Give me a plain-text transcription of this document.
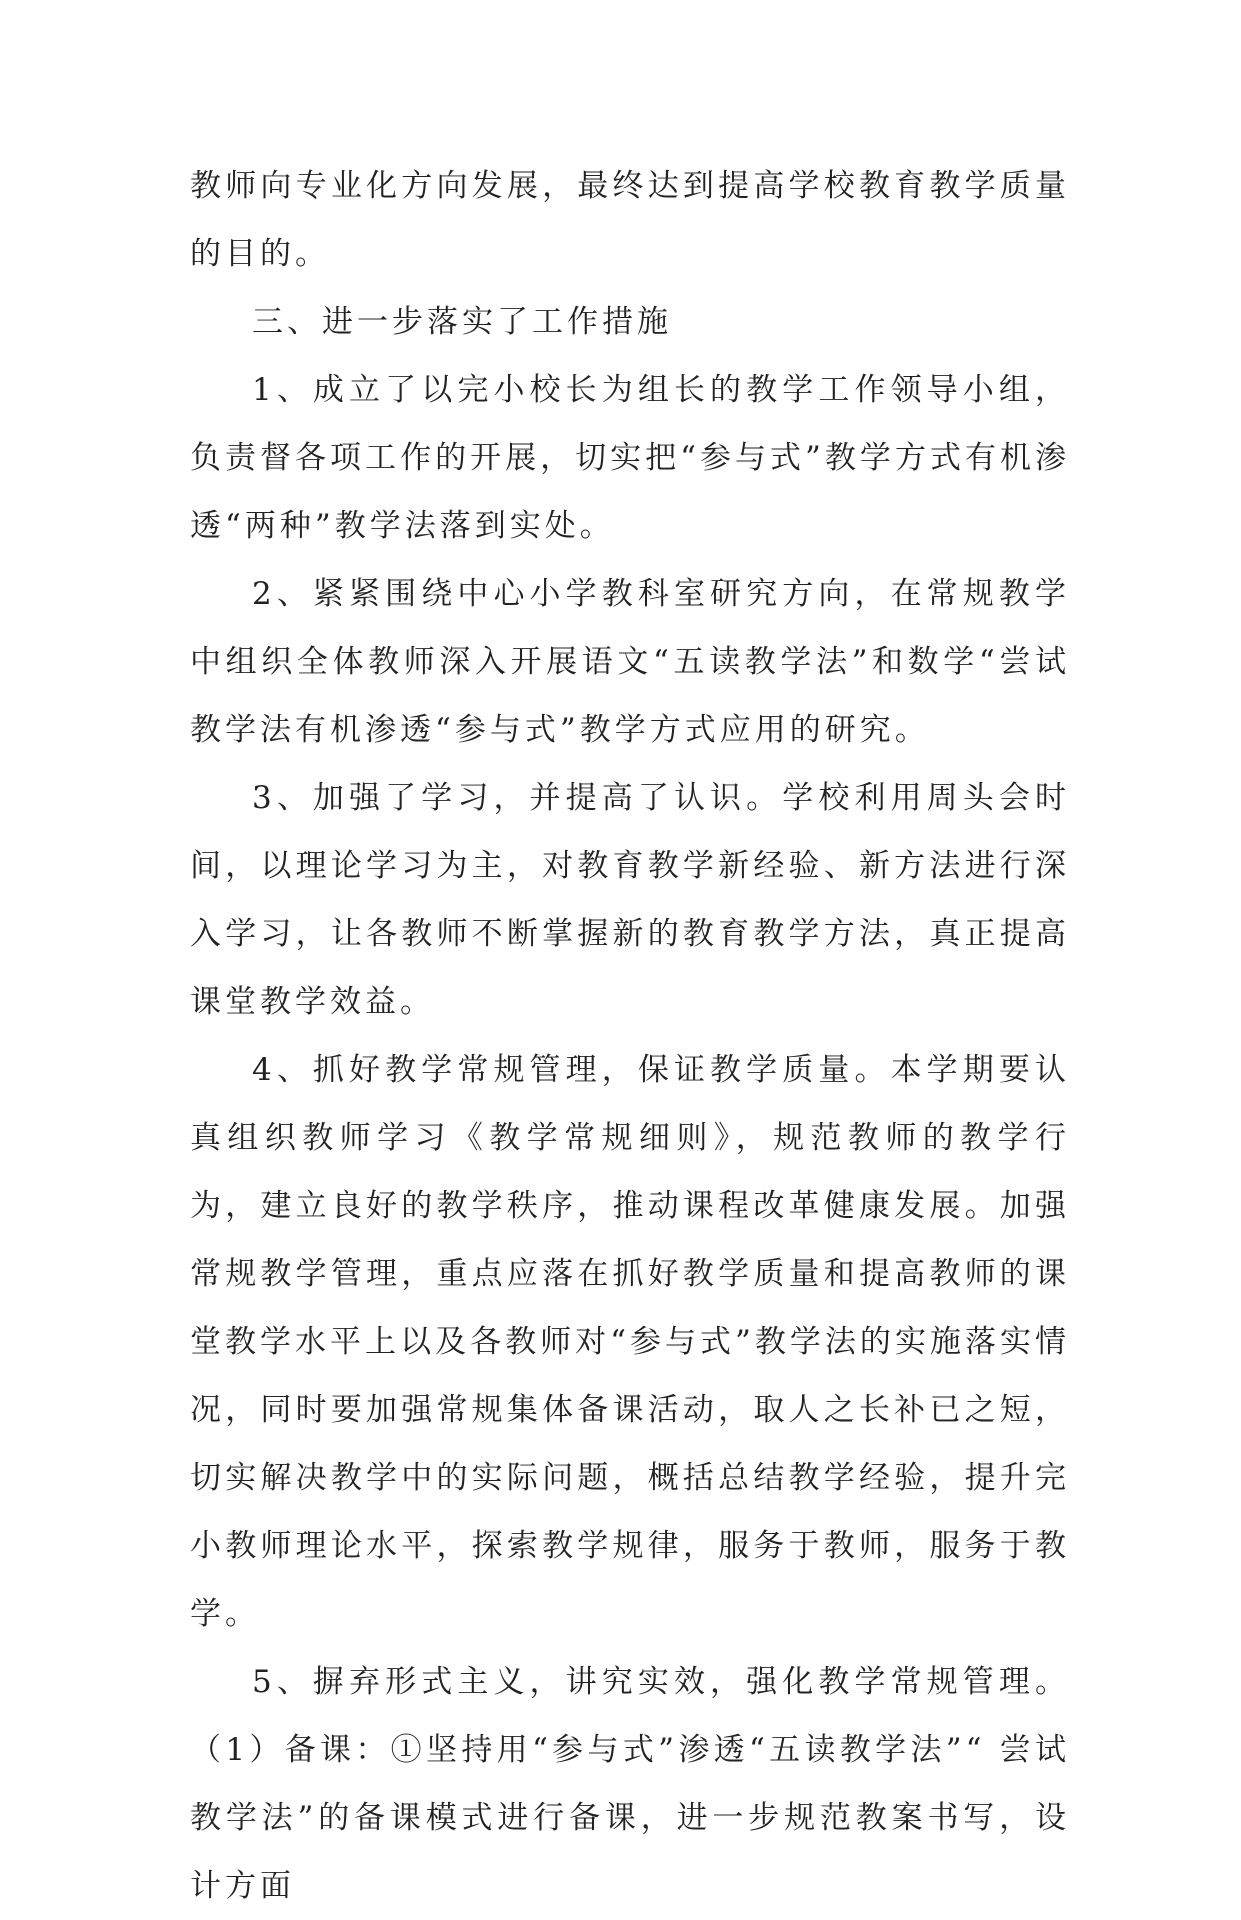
教师向专业化方向发展，最终达到提高学校教育教学质量的目的。

三、进一步落实了工作措施

1、成立了以完小校长为组长的教学工作领导小组，负责督各项工作的开展，切实把“参与式”教学方式有机渗透“两种”教学法落到实处。

2、紧紧围绕中心小学教科室研究方向，在常规教学中组织全体教师深入开展语文“五读教学法”和数学“尝试教学法有机渗透“参与式”教学方式应用的研究。

3、加强了学习，并提高了认识。学校利用周头会时间，以理论学习为主，对教育教学新经验、新方法进行深入学习，让各教师不断掌握新的教育教学方法，真正提高课堂教学效益。

4、抓好教学常规管理，保证教学质量。本学期要认真组织教师学习《教学常规细则》，规范教师的教学行为，建立良好的教学秩序，推动课程改革健康发展。加强常规教学管理，重点应落在抓好教学质量和提高教师的课堂教学水平上以及各教师对“参与式”教学法的实施落实情况，同时要加强常规集体备课活动，取人之长补已之短，切实解决教学中的实际问题，概括总结教学经验，提升完小教师理论水平，探索教学规律，服务于教师，服务于教学。

5、摒弃形式主义，讲究实效，强化教学常规管理。（1）备课：①坚持用“参与式”渗透“五读教学法”“ 尝试教学法”的备课模式进行备课，进一步规范教案书写，设计方面
